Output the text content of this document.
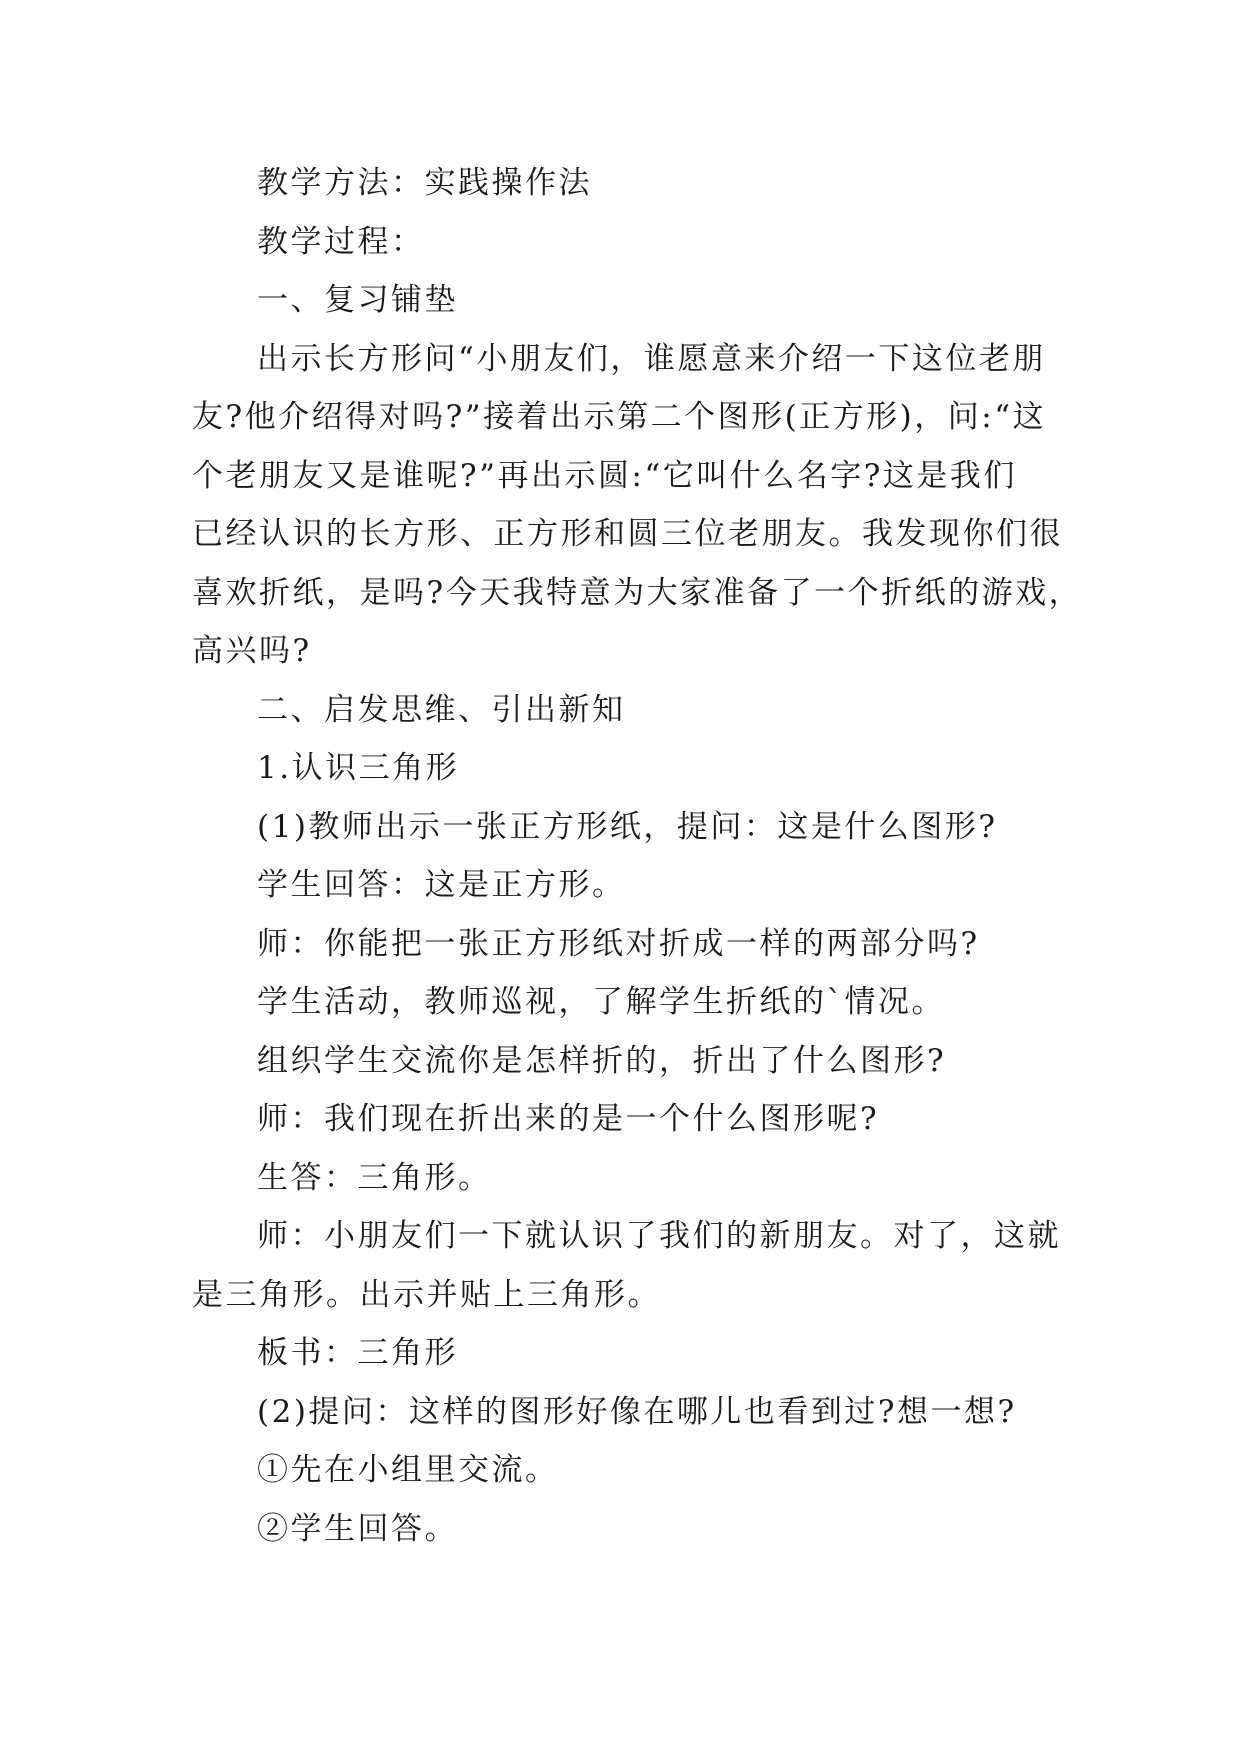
教学方法：实践操作法

教学过程：

一、复习铺垫

出示长方形问“小朋友们，谁愿意来介绍一下这位老朋

友?他介绍得对吗?”接着出示第二个图形(正方形)，问:“这

个老朋友又是谁呢?”再出示圆:“它叫什么名字?这是我们

已经认识的长方形、正方形和圆三位老朋友。我发现你们很

喜欢折纸，是吗?今天我特意为大家准备了一个折纸的游戏，

高兴吗?

二、启发思维、引出新知

1.认识三角形

(1)教师出示一张正方形纸，提问：这是什么图形?

学生回答：这是正方形。

师：你能把一张正方形纸对折成一样的两部分吗?

学生活动，教师巡视，了解学生折纸的`情况。

组织学生交流你是怎样折的，折出了什么图形?

师：我们现在折出来的是一个什么图形呢?

生答：三角形。

师：小朋友们一下就认识了我们的新朋友。对了，这就

是三角形。出示并贴上三角形。

板书：三角形

(2)提问：这样的图形好像在哪儿也看到过?想一想?

①先在小组里交流。

②学生回答。
